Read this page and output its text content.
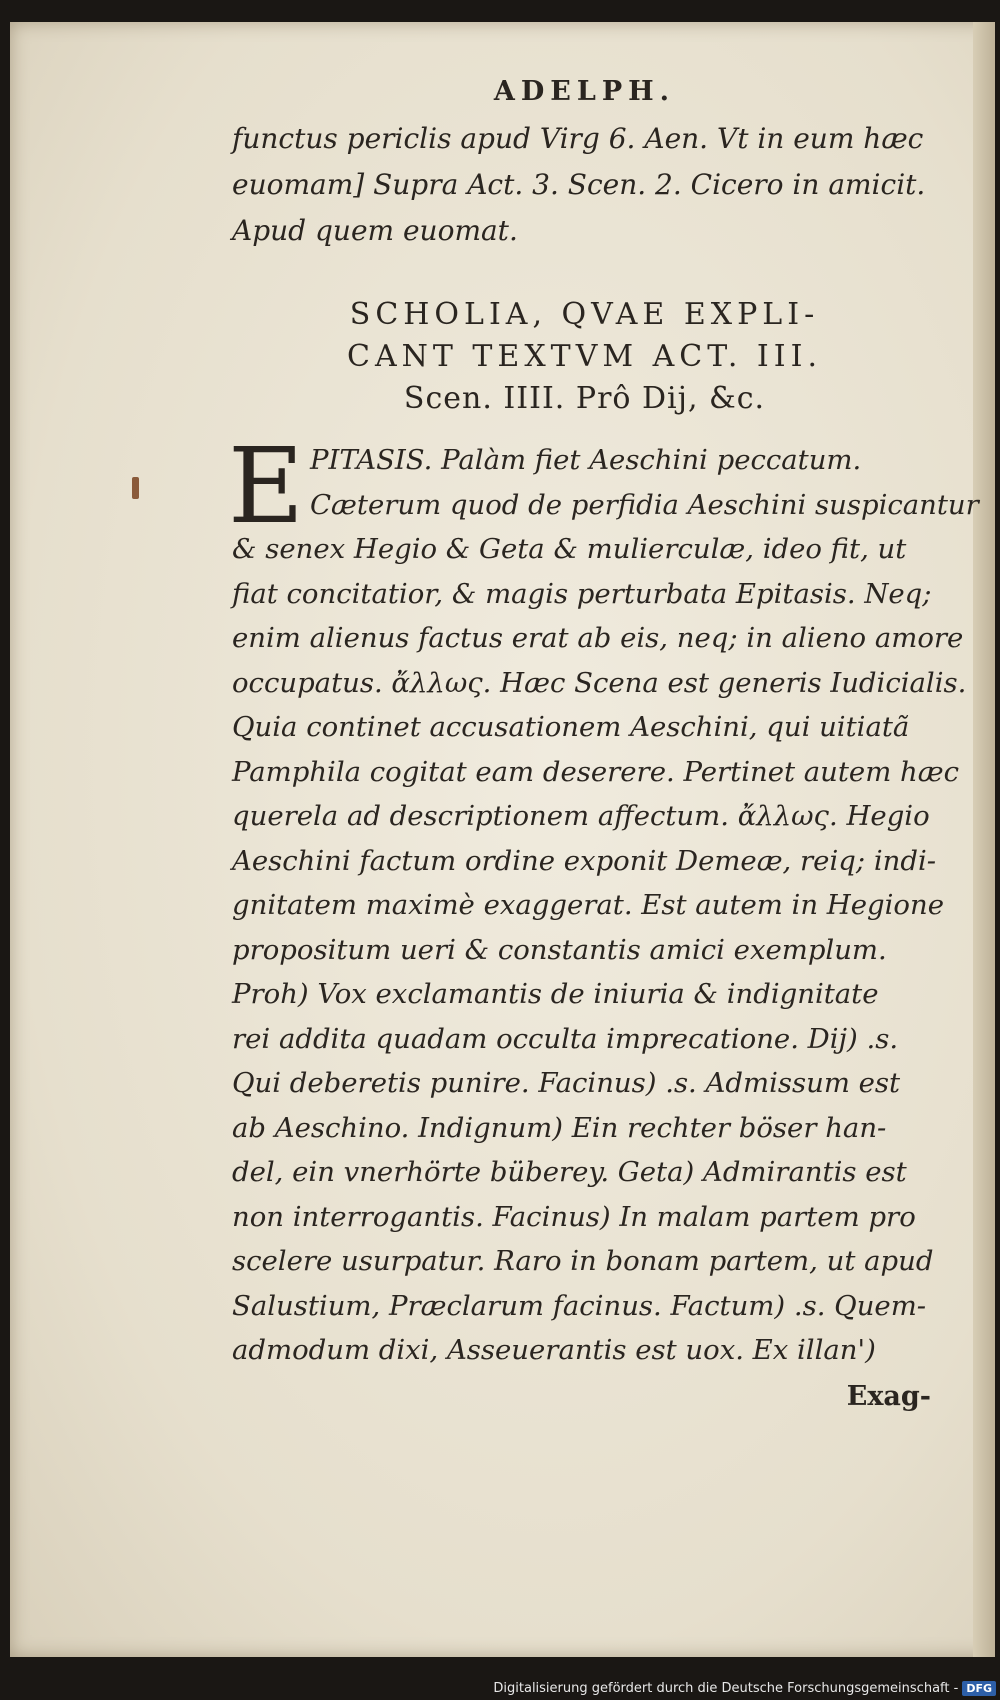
ADELPH.

functus periclis apud Virg 6. Aen. Vt in eum hæc

euomam] Supra Act. 3. Scen. 2. Cicero in amicit.

Apud quem euomat.

SCHOLIA, QVAE EXPLI-
CANT TEXTVM ACT. III.
Scen. IIII. Prô Dij, &c.
E PITASIS. Palàm fiet Aeschini peccatum.

Cæterum quod de perfidia Aeschini suspicantur

& senex Hegio & Geta & mulierculæ, ideo fit, ut

fiat concitatior, & magis perturbata Epitasis. Neq;

enim alienus factus erat ab eis, neq; in alieno amore

occupatus. ἄλλως. Hæc Scena est generis Iudicialis.

Quia continet accusationem Aeschini, qui uitiatã

Pamphila cogitat eam deserere. Pertinet autem hæc

querela ad descriptionem affectum. ἄλλως. Hegio

Aeschini factum ordine exponit Demeæ, reiq; indi-

gnitatem maximè exaggerat. Est autem in Hegione

propositum ueri & constantis amici exemplum.

Proh) Vox exclamantis de iniuria & indignitate

rei addita quadam occulta imprecatione. Dij) .s.

Qui deberetis punire. Facinus) .s. Admissum est

ab Aeschino. Indignum) Ein rechter böser han-

del, ein vnerhörte büberey. Geta) Admirantis est

non interrogantis. Facinus) In malam partem pro

scelere usurpatur. Raro in bonam partem, ut apud

Salustium, Præclarum facinus. Factum) .s. Quem-

admodum dixi, Asseuerantis est uox. Ex illan')

Exag-
Digitalisierung gefördert durch die Deutsche Forschungsgemeinschaft - DFG
